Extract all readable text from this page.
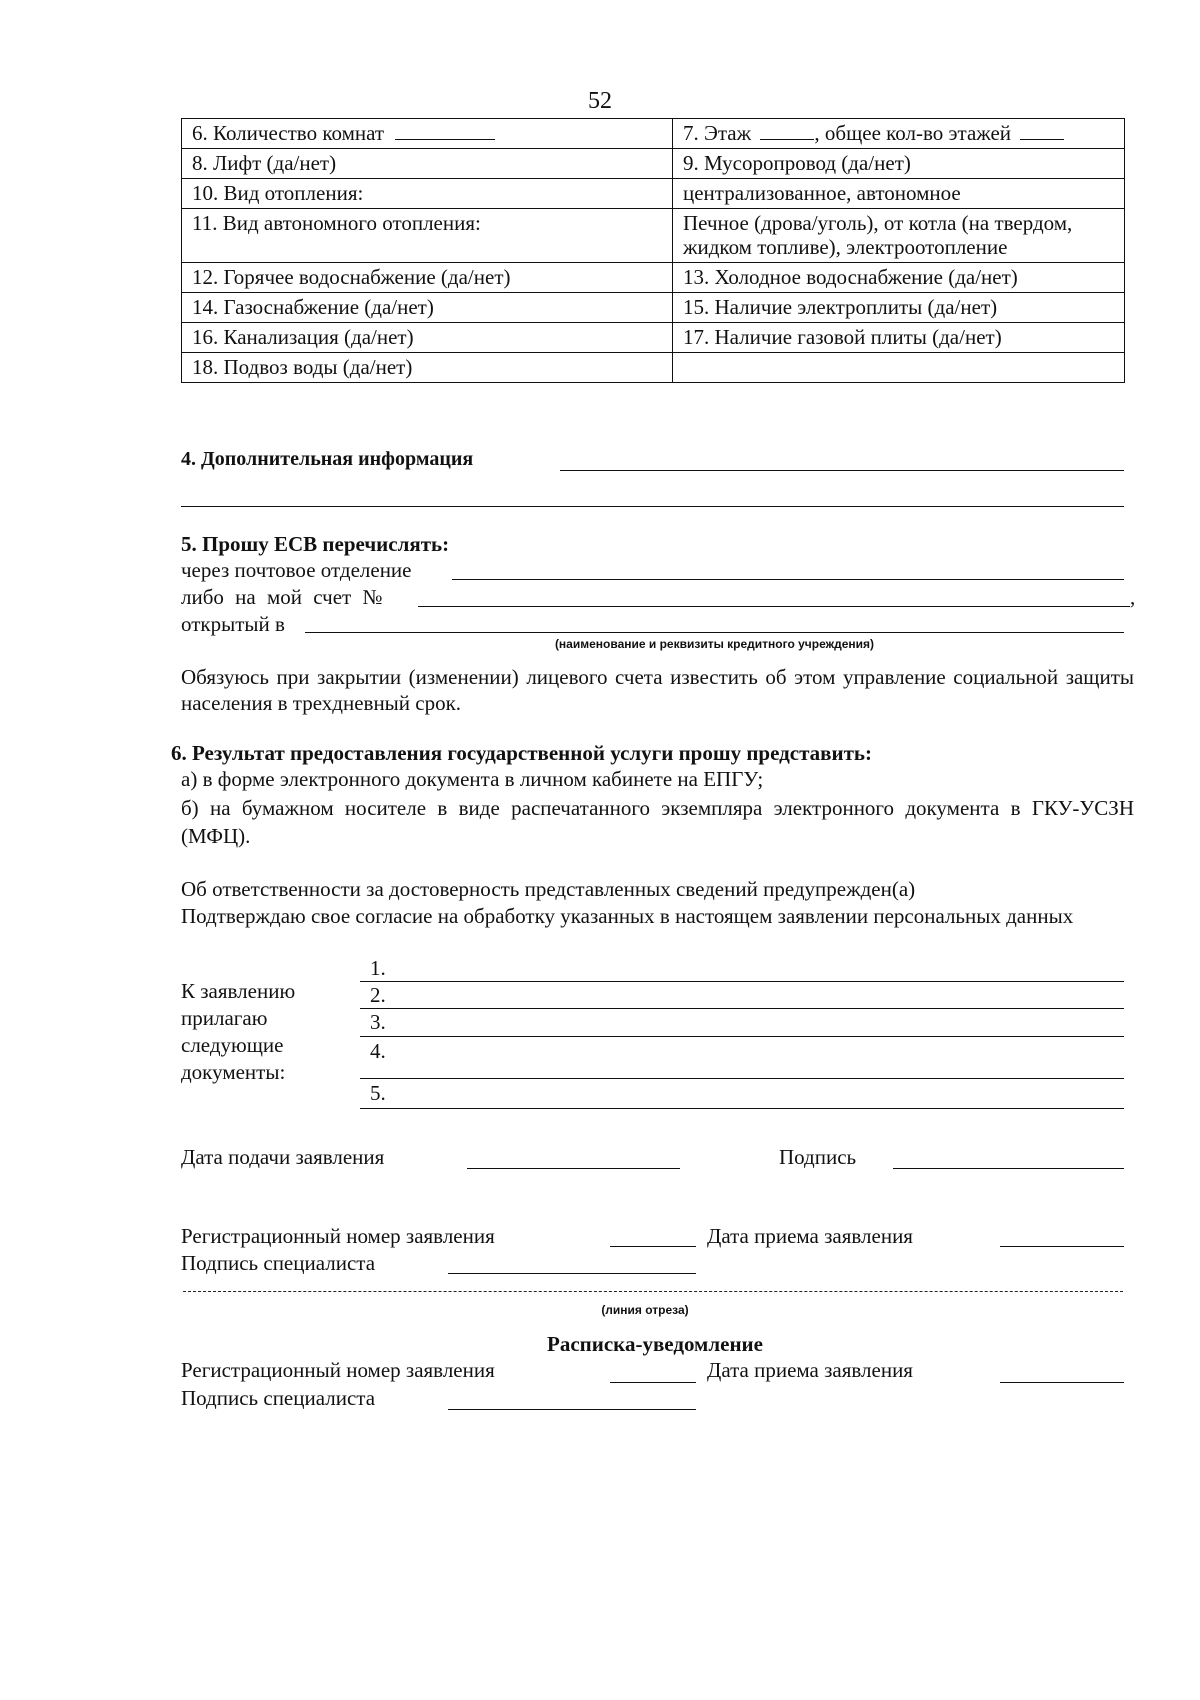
52
6. Количество комнат	7. Этаж , общее кол-во этажей
8. Лифт (да/нет)	9. Мусоропровод (да/нет)
10. Вид отопления:	централизованное, автономное
11. Вид автономного отопления:	Печное (дрова/уголь), от котла (на твердом, жидком топливе), электроотопление
12. Горячее водоснабжение (да/нет)	13. Холодное водоснабжение (да/нет)
14. Газоснабжение (да/нет)	15. Наличие электроплиты (да/нет)
16. Канализация (да/нет)	17. Наличие газовой плиты (да/нет)
18. Подвоз воды (да/нет)	
4. Дополнительная информация
5. Прошу ЕСВ перечислять:
через почтовое отделение
либо на мой счет №	,
открытый в
(наименование и реквизиты кредитного учреждения)
Обязуюсь при закрытии (изменении) лицевого счета известить об этом управление социальной защиты населения в трехдневный срок.
6. Результат предоставления государственной услуги прошу представить:
а) в форме электронного документа в личном кабинете на ЕПГУ;
б) на бумажном носителе в виде распечатанного экземпляра электронного документа в ГКУ-УСЗН (МФЦ).
Об ответственности за достоверность представленных сведений предупрежден(а)
Подтверждаю свое согласие на обработку указанных в настоящем заявлении персональных данных
К заявлению прилагаю следующие документы:
1.
2.
3.
4.
5.
Дата подачи заявления	Подпись
Регистрационный номер заявления	Дата приема заявления
Подпись специалиста
(линия отреза)
Расписка-уведомление
Регистрационный номер заявления	Дата приема заявления
Подпись специалиста
